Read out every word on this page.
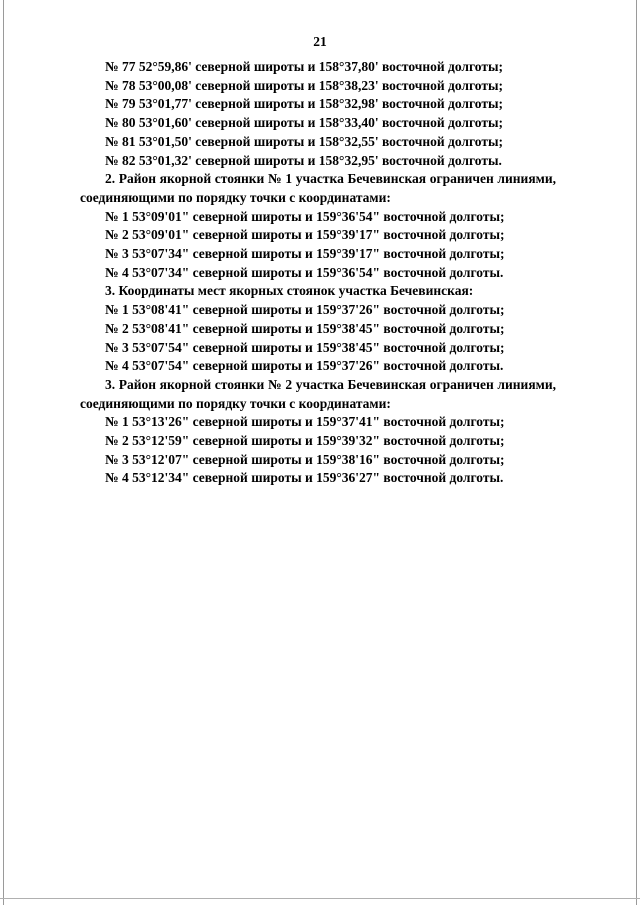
21
№ 77 52°59,86' северной широты и 158°37,80' восточной долготы;
№ 78 53°00,08' северной широты и 158°38,23' восточной долготы;
№ 79 53°01,77' северной широты и 158°32,98' восточной долготы;
№ 80 53°01,60' северной широты и 158°33,40' восточной долготы;
№ 81 53°01,50' северной широты и 158°32,55' восточной долготы;
№ 82 53°01,32' северной широты и 158°32,95' восточной долготы.
2. Район якорной стоянки № 1 участка Бечевинская ограничен линиями, соединяющими по порядку точки с координатами:
№ 1 53°09'01" северной широты и 159°36'54" восточной долготы;
№ 2 53°09'01" северной широты и 159°39'17" восточной долготы;
№ 3 53°07'34" северной широты и 159°39'17" восточной долготы;
№ 4 53°07'34" северной широты и 159°36'54" восточной долготы.
3. Координаты мест якорных стоянок участка Бечевинская:
№ 1 53°08'41" северной широты и 159°37'26" восточной долготы;
№ 2 53°08'41" северной широты и 159°38'45" восточной долготы;
№ 3 53°07'54" северной широты и 159°38'45" восточной долготы;
№ 4 53°07'54" северной широты и 159°37'26" восточной долготы.
3. Район якорной стоянки № 2 участка Бечевинская ограничен линиями, соединяющими по порядку точки с координатами:
№ 1 53°13'26" северной широты и 159°37'41" восточной долготы;
№ 2 53°12'59" северной широты и 159°39'32" восточной долготы;
№ 3 53°12'07" северной широты и 159°38'16" восточной долготы;
№ 4 53°12'34" северной широты и 159°36'27" восточной долготы.
